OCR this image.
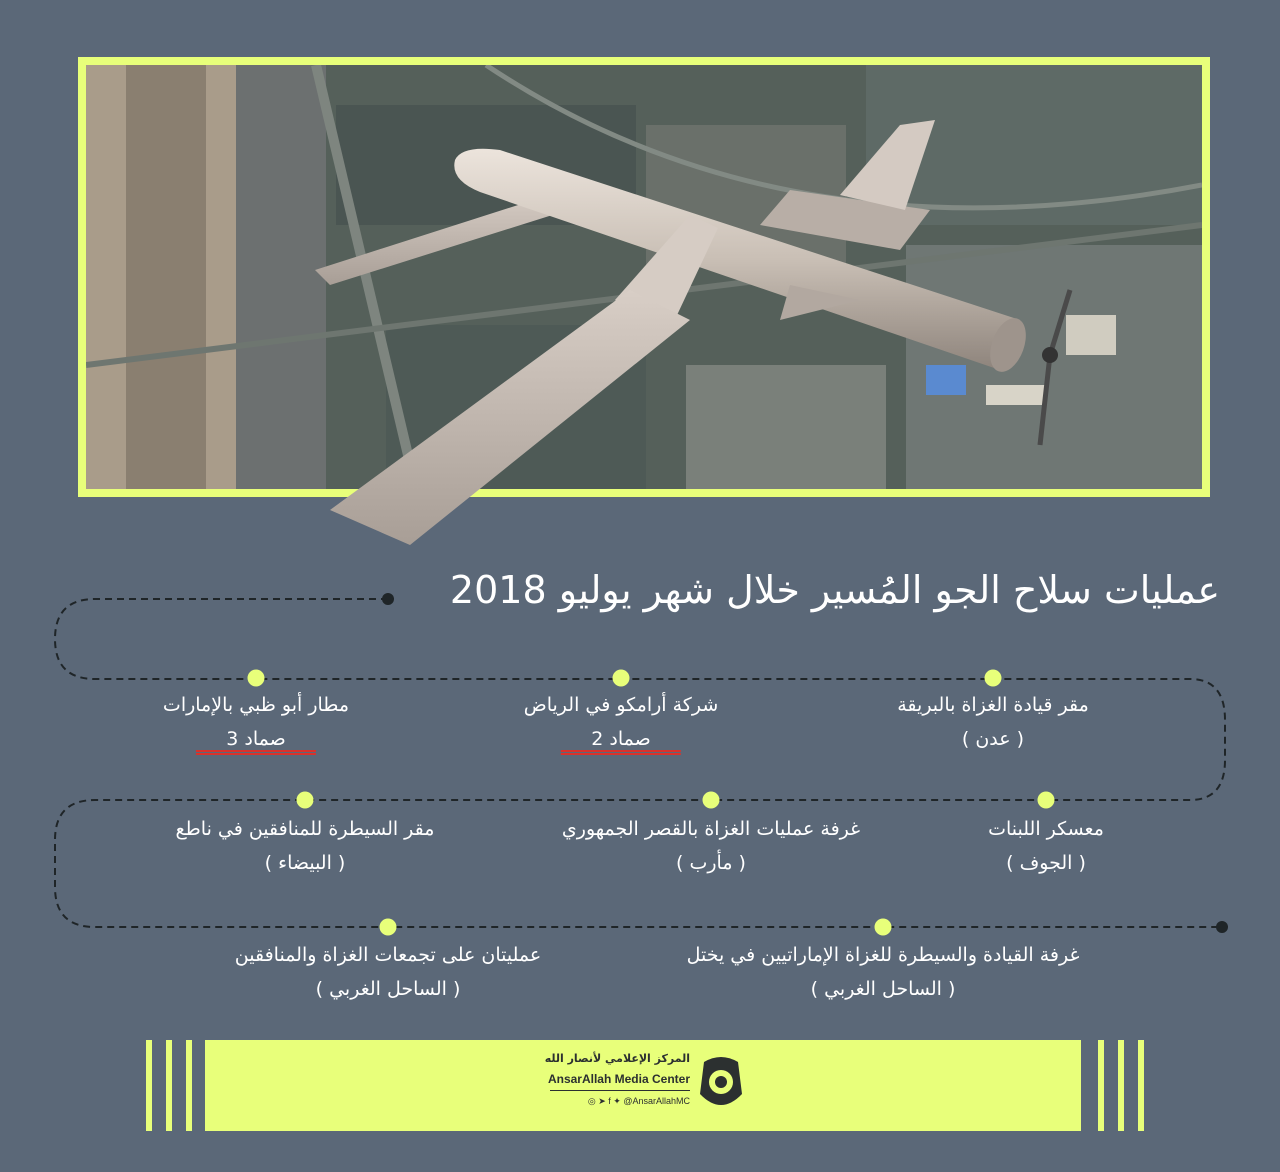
عمليات سلاح الجو المُسير خلال شهر يوليو 2018
مقر قيادة الغزاة بالبريقة
( عدن )
شركة أرامكو في الرياض
صماد 2
مطار أبو ظبي بالإمارات
صماد 3
معسكر اللبنات
( الجوف )
غرفة عمليات الغزاة بالقصر الجمهوري
( مأرب )
مقر السيطرة للمنافقين في ناطع
( البيضاء )
غرفة القيادة والسيطرة للغزاة الإماراتيين في يختل
( الساحل الغربي )
عمليتان على تجمعات الغزاة والمنافقين
( الساحل الغربي )
المركز الإعلامي لأنصار الله
AnsarAllah Media Center
◎ ➤ f ✦ @AnsarAllahMC
